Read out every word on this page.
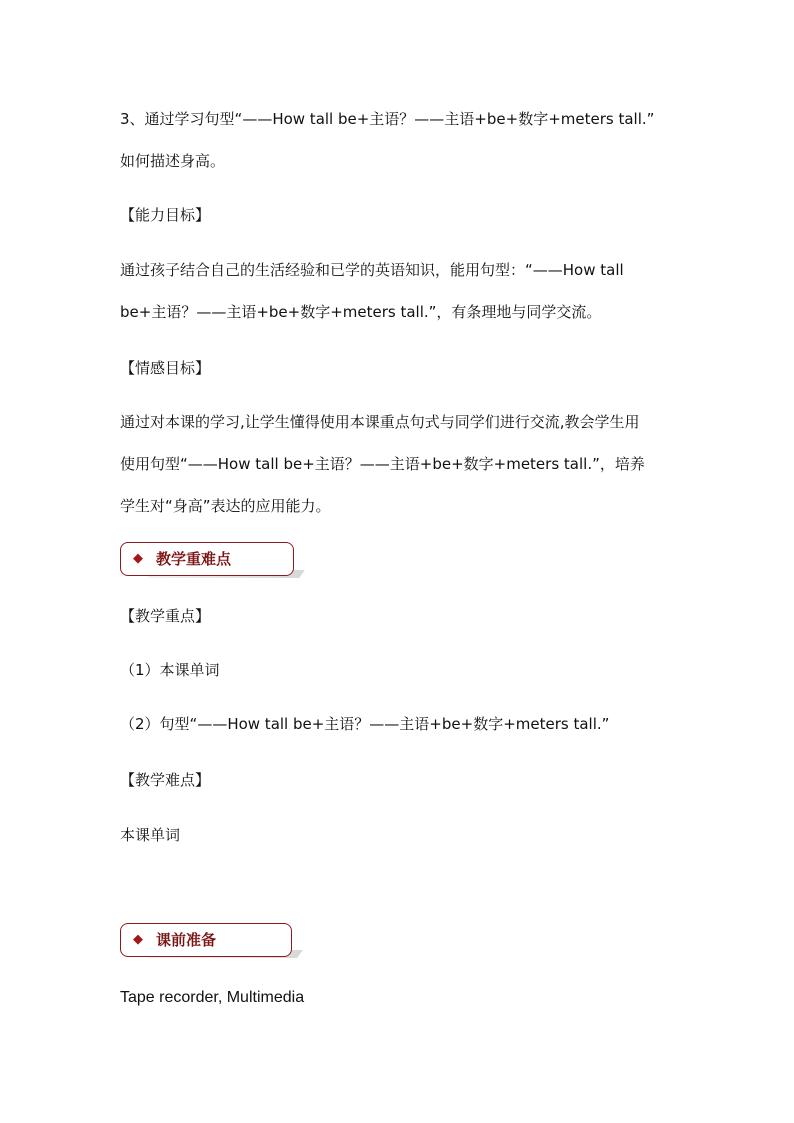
3、通过学习句型“——How tall be+主语？——主语+be+数字+meters tall.”
如何描述身高。
【能力目标】
通过孩子结合自己的生活经验和已学的英语知识，能用句型：“——How tall
be+主语？——主语+be+数字+meters tall.”，有条理地与同学交流。
【情感目标】
通过对本课的学习,让学生懂得使用本课重点句式与同学们进行交流,教会学生用
使用句型“——How tall be+主语？——主语+be+数字+meters tall.”，培养
学生对“身高”表达的应用能力。
◆ 教学重难点
【教学重点】
（1）本课单词
（2）句型“——How tall be+主语？——主语+be+数字+meters tall.”
【教学难点】
本课单词
◆ 课前准备
Tape recorder, Multimedia
